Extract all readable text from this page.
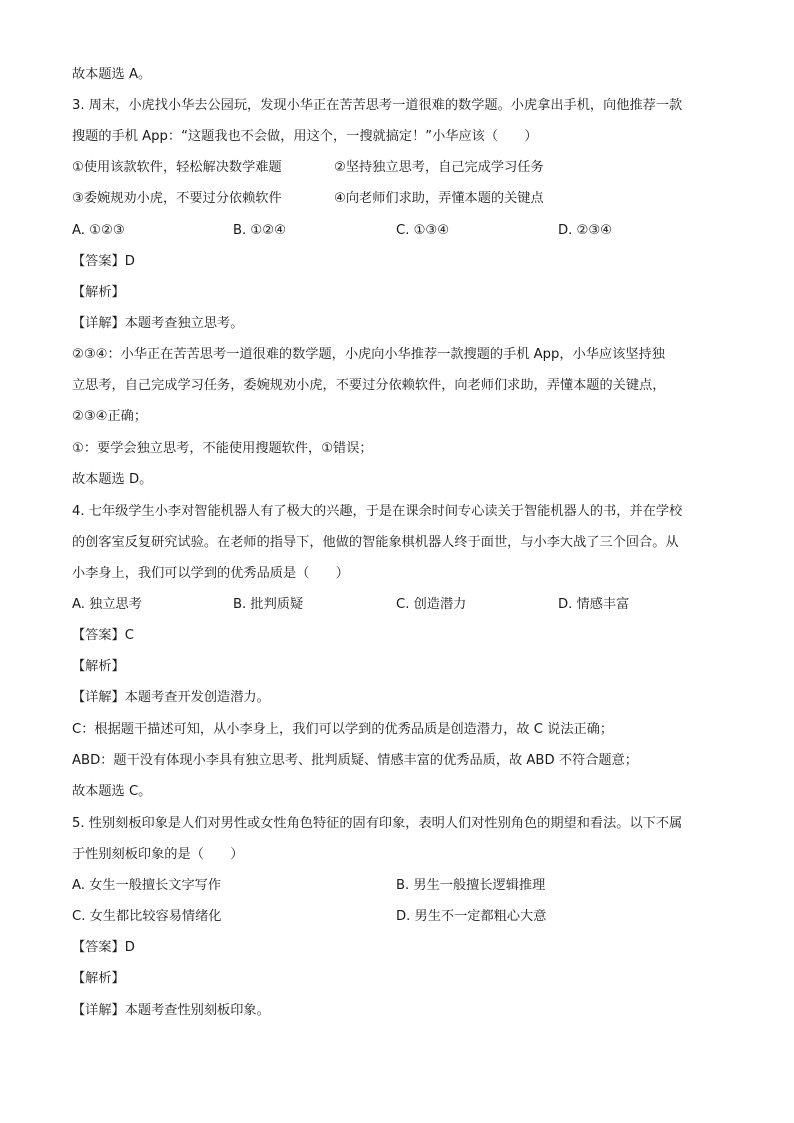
故本题选 A。

3. 周末，小虎找小华去公园玩，发现小华正在苦苦思考一道很难的数学题。小虎拿出手机，向他推荐一款

搜题的手机 App：“这题我也不会做，用这个，一搜就搞定！”小华应该（　　）

①使用该款软件，轻松解决数学难题	②坚持独立思考，自己完成学习任务

③委婉规劝小虎，不要过分依赖软件	④向老师们求助，弄懂本题的关键点

A. ①②③	B. ①②④	C. ①③④	D. ②③④

【答案】D

【解析】

【详解】本题考查独立思考。

②③④：小华正在苦苦思考一道很难的数学题，小虎向小华推荐一款搜题的手机 App，小华应该坚持独

立思考，自己完成学习任务，委婉规劝小虎，不要过分依赖软件，向老师们求助，弄懂本题的关键点，

②③④正确；

①：要学会独立思考，不能使用搜题软件，①错误；

故本题选 D。

4. 七年级学生小李对智能机器人有了极大的兴趣，于是在课余时间专心读关于智能机器人的书，并在学校

的创客室反复研究试验。在老师的指导下，他做的智能象棋机器人终于面世，与小李大战了三个回合。从

小李身上，我们可以学到的优秀品质是（　　）

A. 独立思考	B. 批判质疑	C. 创造潜力	D. 情感丰富

【答案】C

【解析】

【详解】本题考查开发创造潜力。

C：根据题干描述可知，从小李身上，我们可以学到的优秀品质是创造潜力，故 C 说法正确；

ABD：题干没有体现小李具有独立思考、批判质疑、情感丰富的优秀品质，故 ABD 不符合题意；

故本题选 C。

5. 性别刻板印象是人们对男性或女性角色特征的固有印象，表明人们对性别角色的期望和看法。以下不属

于性别刻板印象的是（　　）

A. 女生一般擅长文字写作	B. 男生一般擅长逻辑推理

C. 女生都比较容易情绪化	D. 男生不一定都粗心大意

【答案】D

【解析】

【详解】本题考查性别刻板印象。
